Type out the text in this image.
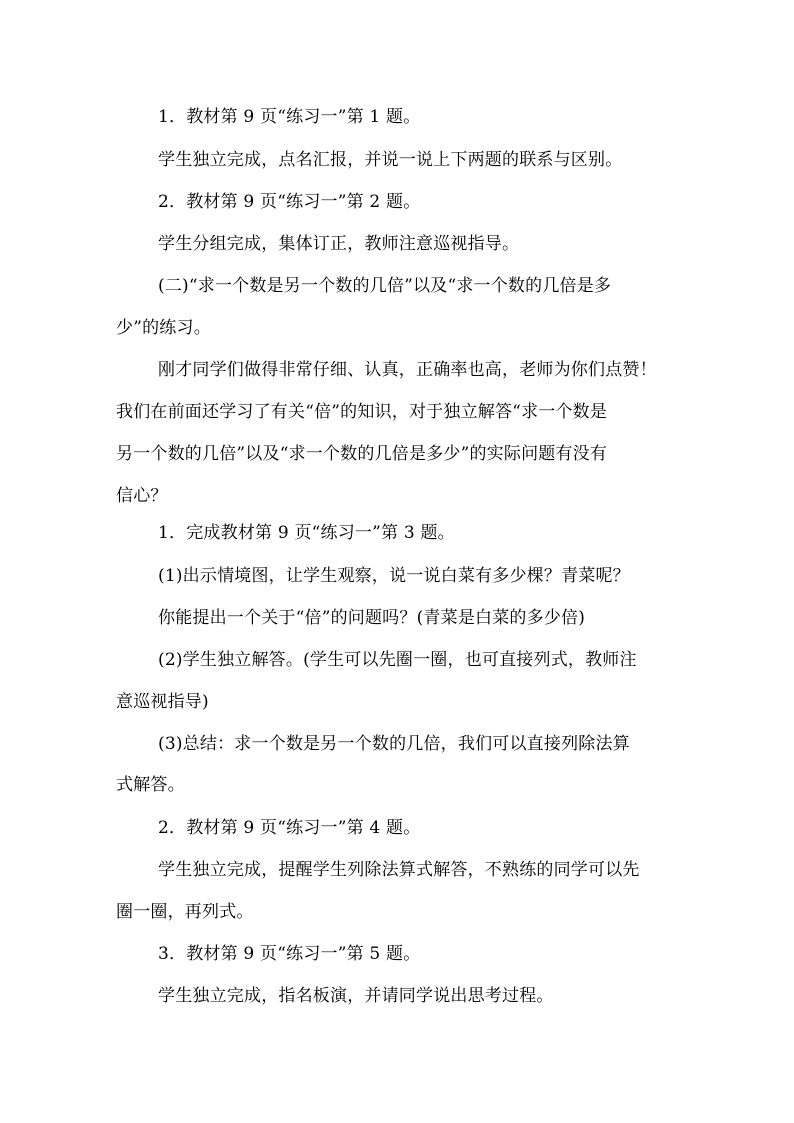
1．教材第 9 页“练习一”第 1 题。
学生独立完成，点名汇报，并说一说上下两题的联系与区别。
2．教材第 9 页“练习一”第 2 题。
学生分组完成，集体订正，教师注意巡视指导。
(二)“求一个数是另一个数的几倍”以及“求一个数的几倍是多
少”的练习。
刚才同学们做得非常仔细、认真，正确率也高，老师为你们点赞！
我们在前面还学习了有关“倍”的知识，对于独立解答“求一个数是
另一个数的几倍”以及“求一个数的几倍是多少”的实际问题有没有
信心？
1．完成教材第 9 页“练习一”第 3 题。
(1)出示情境图，让学生观察，说一说白菜有多少棵？青菜呢？
你能提出一个关于“倍”的问题吗？(青菜是白菜的多少倍)
(2)学生独立解答。(学生可以先圈一圈，也可直接列式，教师注
意巡视指导)
(3)总结：求一个数是另一个数的几倍，我们可以直接列除法算
式解答。
2．教材第 9 页“练习一”第 4 题。
学生独立完成，提醒学生列除法算式解答，不熟练的同学可以先
圈一圈，再列式。
3．教材第 9 页“练习一”第 5 题。
学生独立完成，指名板演，并请同学说出思考过程。
